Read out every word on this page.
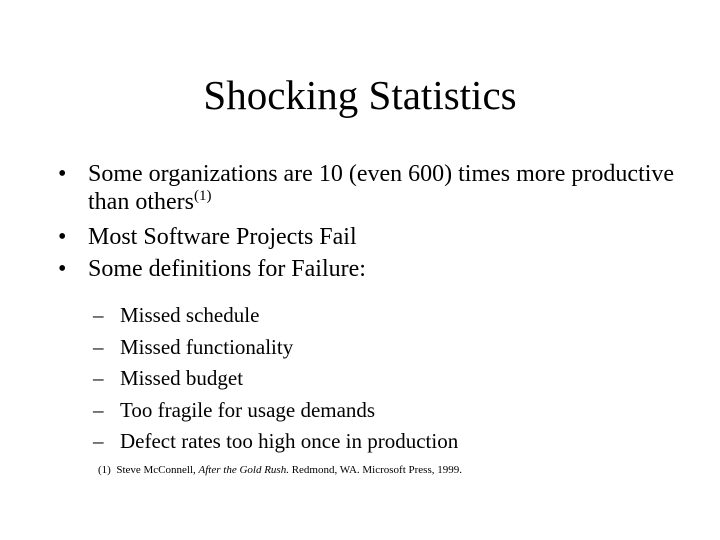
Shocking Statistics
• Some organizations are 10 (even 600) times more productive than others$^{(1)}$
• Most Software Projects Fail
• Some definitions for Failure:
– Missed schedule
– Missed functionality
– Missed budget
– Too fragile for usage demands
– Defect rates too high once in production

(1) Steve McConnell, After the Gold Rush. Redmond, WA. Microsoft Press, 1999.
